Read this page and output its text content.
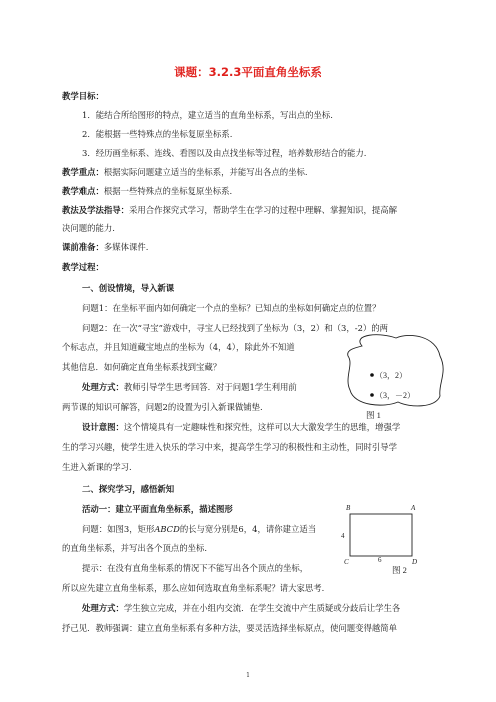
课题：3.2.3平面直角坐标系
教学目标：
1．能结合所给图形的特点，建立适当的直角坐标系，写出点的坐标.
2．能根据一些特殊点的坐标复原坐标系.
3．经历画坐标系、连线、看图以及由点找坐标等过程，培养数形结合的能力.
教学重点：根据实际问题建立适当的坐标系，并能写出各点的坐标.
教学难点：根据一些特殊点的坐标复原坐标系.
教法及学法指导：采用合作探究式学习，帮助学生在学习的过程中理解、掌握知识，提高解
决问题的能力.
课前准备：多媒体课件.
教学过程：
一、创设情境，导入新课
问题1：在坐标平面内如何确定一个点的坐标？已知点的坐标如何确定点的位置？
问题2：在一次“寻宝”游戏中，寻宝人已经找到了坐标为（3，2）和（3，-2）的两
个标志点，并且知道藏宝地点的坐标为（4，4），除此外不知道
其他信息．如何确定直角坐标系找到宝藏？
处理方式：教师引导学生思考回答．对于问题1学生利用前
两节课的知识可解答，问题2的设置为引入新课做铺垫.
设计意图：这个情境具有一定趣味性和探究性，这样可以大大激发学生的思维，增强学
生的学习兴趣，使学生进入快乐的学习中来，提高学生学习的积极性和主动性，同时引导学
生进入新课的学习.
（3，2）
（3，－2）
图 1
二、探究学习，感悟新知
活动一：建立平面直角坐标系，描述图形
问题：如图3，矩形ABCD的长与宽分别是6，4，请你建立适当
的直角坐标系，并写出各个顶点的坐标.
提示：在没有直角坐标系的情况下不能写出各个顶点的坐标，
所以应先建立直角坐标系，那么应如何选取直角坐标系呢？请大家思考.
处理方式：学生独立完成，并在小组内交流．在学生交流中产生质疑或分歧后让学生各
抒己见．教师强调：建立直角坐标系有多种方法，要灵活选择坐标原点，使问题变得越简单
B	A
C	D
4
6
图 2
1
